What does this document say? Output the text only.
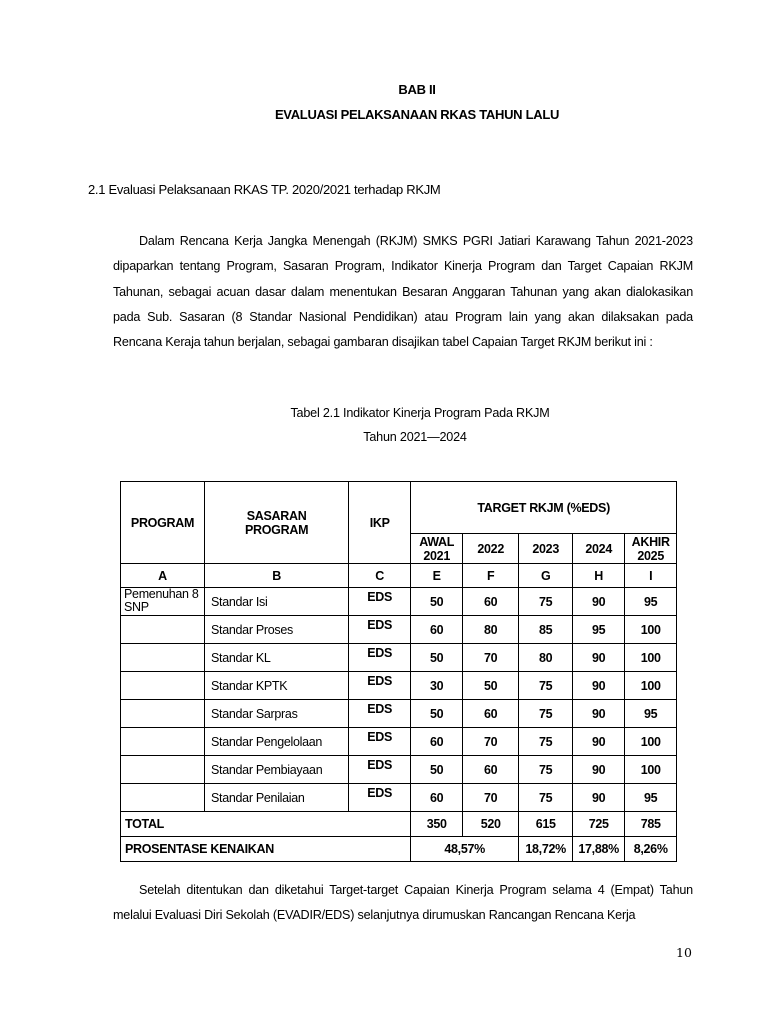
BAB II
EVALUASI PELAKSANAAN RKAS TAHUN LALU
2.1 Evaluasi Pelaksanaan RKAS TP. 2020/2021 terhadap RKJM
Dalam Rencana Kerja Jangka Menengah (RKJM) SMKS PGRI Jatiari Karawang Tahun 2021-2023 dipaparkan tentang Program, Sasaran Program, Indikator Kinerja Program dan Target Capaian RKJM Tahunan, sebagai acuan dasar dalam menentukan Besaran Anggaran Tahunan yang akan dialokasikan pada Sub. Sasaran (8 Standar Nasional Pendidikan) atau Program lain yang akan dilaksakan pada Rencana Keraja tahun berjalan, sebagai gambaran disajikan tabel Capaian Target RKJM berikut ini :
Tabel 2.1 Indikator Kinerja Program Pada RKJM
Tahun 2021—2024
PROGRAM	SASARAN PROGRAM	IKP	TARGET RKJM (%EDS)				
			AWAL 2021	2022	2023	2024	AKHIR 2025
A	B	C	E	F	G	H	I
Pemenuhan 8 SNP	Standar Isi	EDS	50	60	75	90	95
	Standar Proses	EDS	60	80	85	95	100
	Standar KL	EDS	50	70	80	90	100
	Standar KPTK	EDS	30	50	75	90	100
	Standar Sarpras	EDS	50	60	75	90	95
	Standar Pengelolaan	EDS	60	70	75	90	100
	Standar Pembiayaan	EDS	50	60	75	90	100
	Standar Penilaian	EDS	60	70	75	90	95
TOTAL			350	520	615	725	785
PROSENTASE KENAIKAN			48,57%		18,72%	17,88%	8,26%
Setelah ditentukan dan diketahui Target-target Capaian Kinerja Program selama 4 (Empat) Tahun melalui Evaluasi Diri Sekolah (EVADIR/EDS) selanjutnya dirumuskan Rancangan Rencana Kerja
10
